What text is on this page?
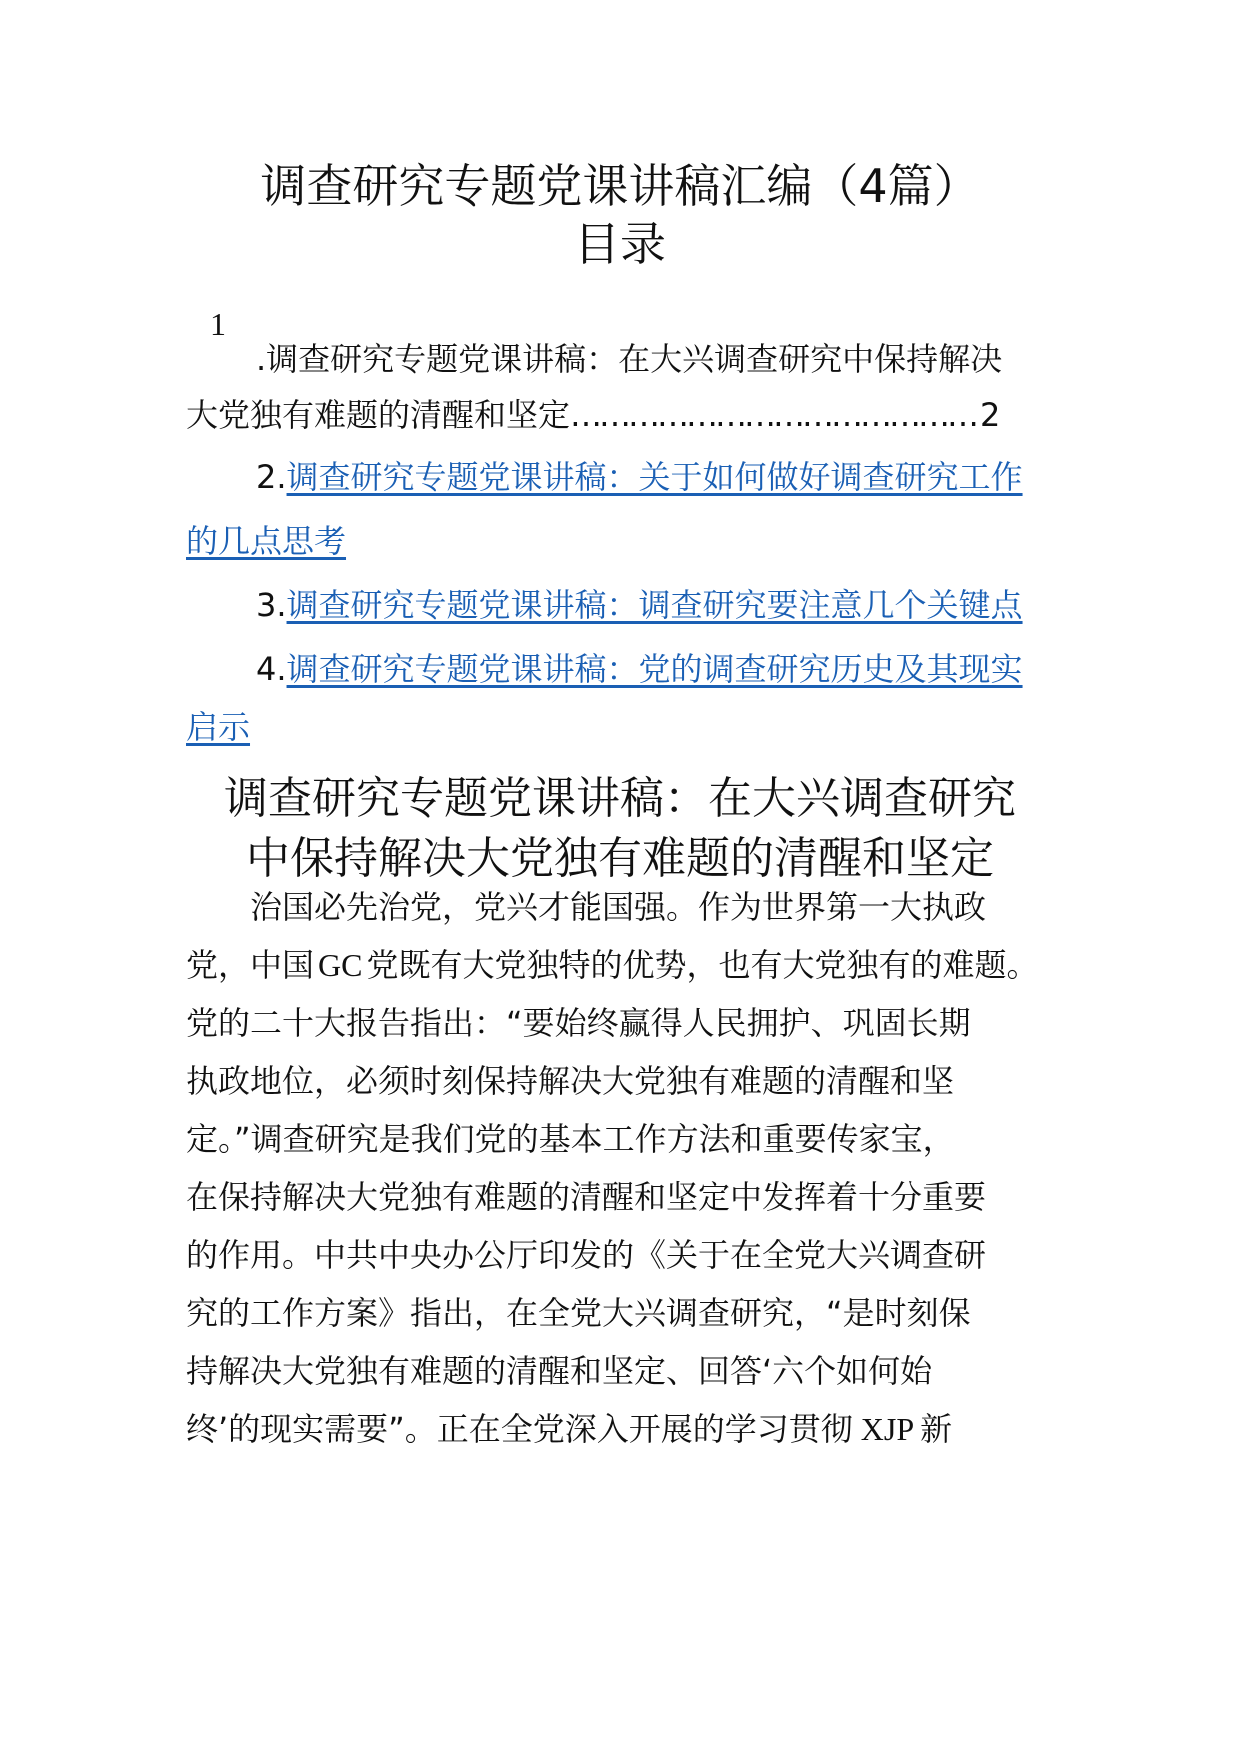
调查研究专题党课讲稿汇编（4篇）
目录
1
.调查研究专题党课讲稿：在大兴调查研究中保持解决
大党独有难题的清醒和坚定…………………………………… 2
2.调查研究专题党课讲稿：关于如何做好调查研究工作
的几点思考
3.调查研究专题党课讲稿：调查研究要注意几个关键点
4.调查研究专题党课讲稿：党的调查研究历史及其现实
启示
调查研究专题党课讲稿：在大兴调查研究
中保持解决大党独有难题的清醒和坚定
治国必先治党，党兴才能国强。作为世界第一大执政
党，中国 GC 党既有大党独特的优势，也有大党独有的难题。
党的二十大报告指出：“要始终赢得人民拥护、巩固长期
执政地位，必须时刻保持解决大党独有难题的清醒和坚
定。”调查研究是我们党的基本工作方法和重要传家宝，
在保持解决大党独有难题的清醒和坚定中发挥着十分重要
的作用。中共中央办公厅印发的《关于在全党大兴调查研
究的工作方案》指出，在全党大兴调查研究，“是时刻保
持解决大党独有难题的清醒和坚定、回答‘六个如何始
终’的现实需要”。正在全党深入开展的学习贯彻 XJP 新
